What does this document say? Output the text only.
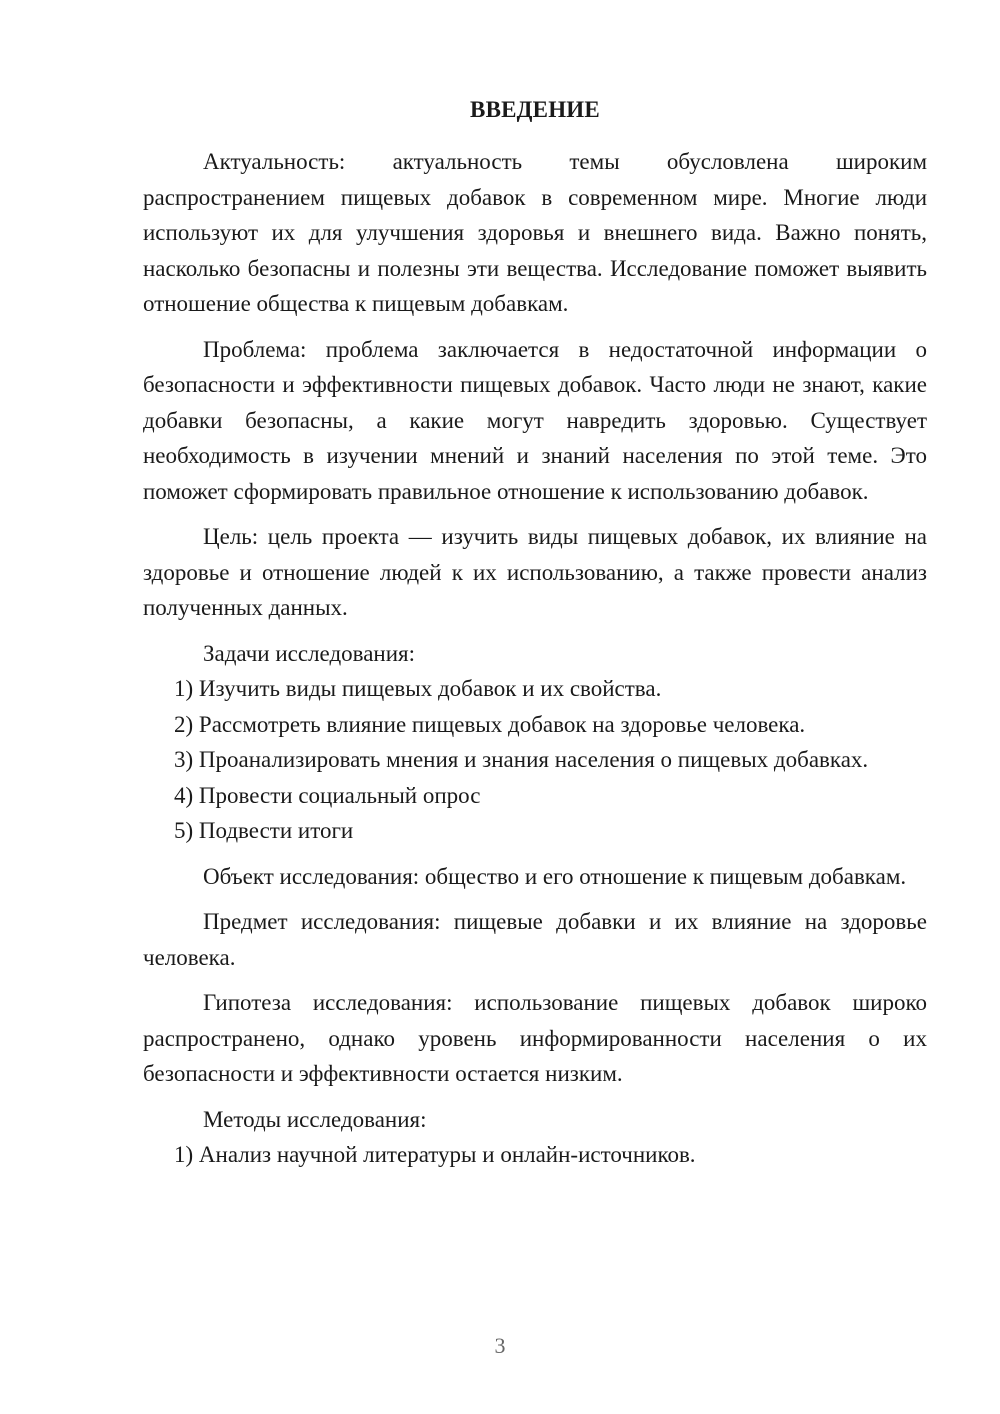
ВВЕДЕНИЕ

Актуальность: актуальность темы обусловлена широким распространением пищевых добавок в современном мире. Многие люди используют их для улучшения здоровья и внешнего вида. Важно понять, насколько безопасны и полезны эти вещества. Исследование поможет выявить отношение общества к пищевым добавкам.

Проблема: проблема заключается в недостаточной информации о безопасности и эффективности пищевых добавок. Часто люди не знают, какие добавки безопасны, а какие могут навредить здоровью. Существует необходимость в изучении мнений и знаний населения по этой теме. Это поможет сформировать правильное отношение к использованию добавок.

Цель: цель проекта — изучить виды пищевых добавок, их влияние на здоровье и отношение людей к их использованию, а также провести анализ полученных данных.

Задачи исследования:

1) Изучить виды пищевых добавок и их свойства.

2) Рассмотреть влияние пищевых добавок на здоровье человека.

3) Проанализировать мнения и знания населения о пищевых добавках.

4) Провести социальный опрос

5) Подвести итоги

Объект исследования: общество и его отношение к пищевым добавкам.

Предмет исследования: пищевые добавки и их влияние на здоровье человека.

Гипотеза исследования: использование пищевых добавок широко распространено, однако уровень информированности населения о их безопасности и эффективности остается низким.

Методы исследования:

1) Анализ научной литературы и онлайн-источников.

3
